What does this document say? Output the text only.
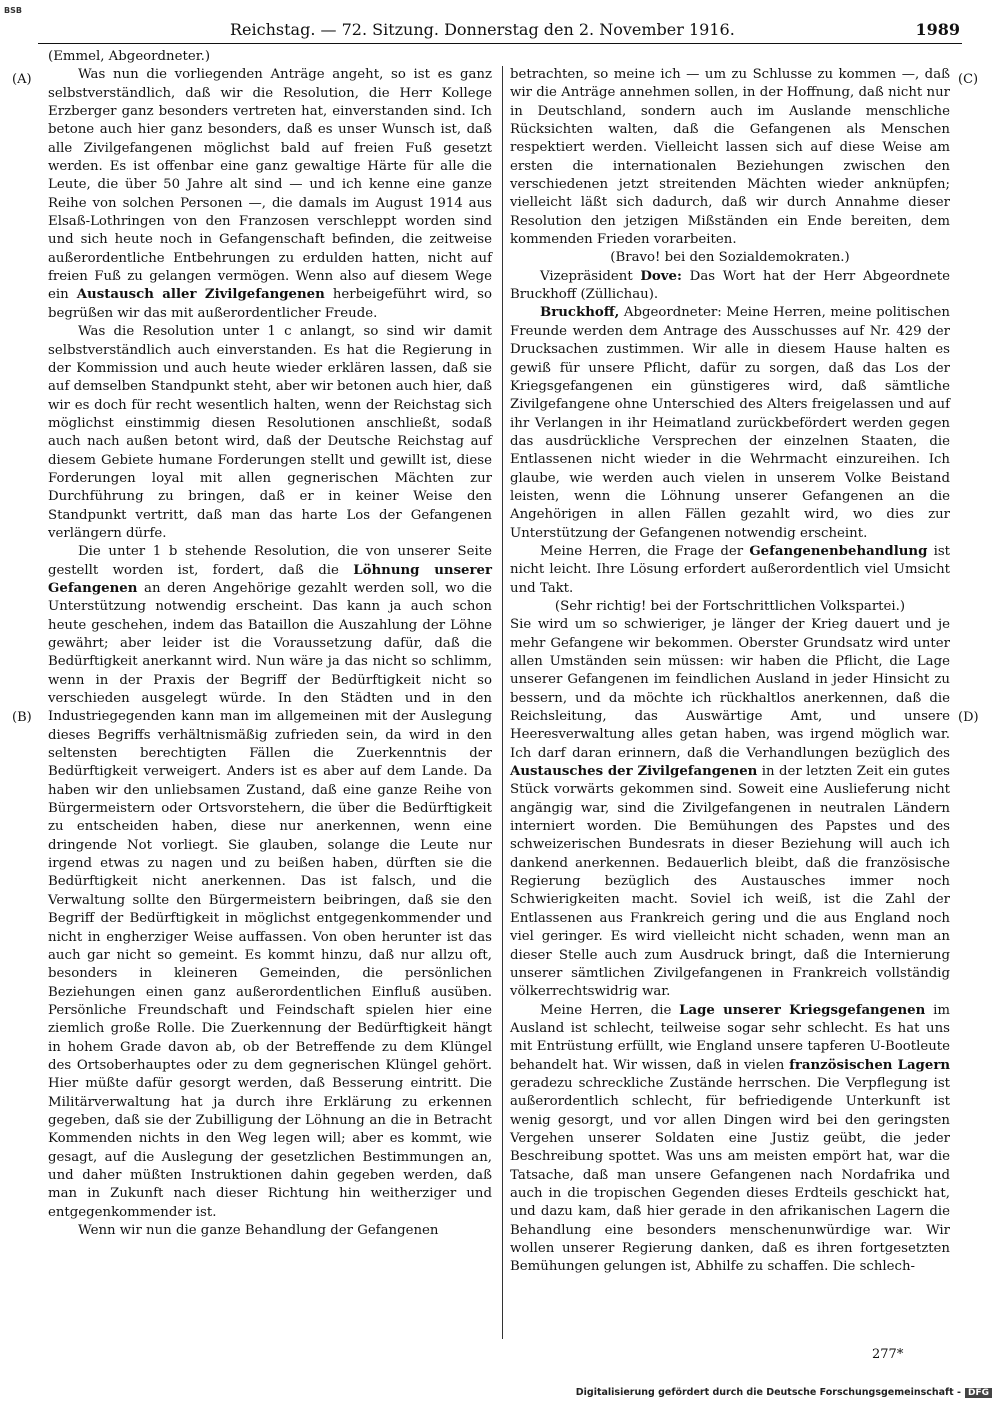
BSB
Reichstag. — 72. Sitzung. Donnerstag den 2. November 1916.	1989
(A)
(B)
(C)
(D)

(Emmel, Abgeordneter.)

Was nun die vorliegenden Anträge angeht, so ist es ganz selbstverständlich, daß wir die Resolution, die Herr Kollege Erzberger ganz besonders vertreten hat, einverstanden sind. Ich betone auch hier ganz besonders, daß es unser Wunsch ist, daß alle Zivilgefangenen möglichst bald auf freien Fuß gesetzt werden. Es ist offenbar eine ganz gewaltige Härte für alle die Leute, die über 50 Jahre alt sind — und ich kenne eine ganze Reihe von solchen Personen —, die damals im August 1914 aus Elsaß-Lothringen von den Franzosen verschleppt worden sind und sich heute noch in Gefangenschaft befinden, die zeitweise außerordentliche Entbehrungen zu erdulden hatten, nicht auf freien Fuß zu gelangen vermögen. Wenn also auf diesem Wege ein Austausch aller Zivilgefangenen herbeigeführt wird, so begrüßen wir das mit außerordentlicher Freude.

Was die Resolution unter 1 c anlangt, so sind wir damit selbstverständlich auch einverstanden. Es hat die Regierung in der Kommission und auch heute wieder erklären lassen, daß sie auf demselben Standpunkt steht, aber wir betonen auch hier, daß wir es doch für recht wesentlich halten, wenn der Reichstag sich möglichst einstimmig diesen Resolutionen anschließt, sodaß auch nach außen betont wird, daß der Deutsche Reichstag auf diesem Gebiete humane Forderungen stellt und gewillt ist, diese Forderungen loyal mit allen gegnerischen Mächten zur Durchführung zu bringen, daß er in keiner Weise den Standpunkt vertritt, daß man das harte Los der Gefangenen verlängern dürfe.

Die unter 1 b stehende Resolution, die von unserer Seite gestellt worden ist, fordert, daß die Löhnung unserer Gefangenen an deren Angehörige gezahlt werden soll, wo die Unterstützung notwendig erscheint. Das kann ja auch schon heute geschehen, indem das Bataillon die Auszahlung der Löhne gewährt; aber leider ist die Voraussetzung dafür, daß die Bedürftigkeit anerkannt wird. Nun wäre ja das nicht so schlimm, wenn in der Praxis der Begriff der Bedürftigkeit nicht so verschieden ausgelegt würde. In den Städten und in den Industriegegenden kann man im allgemeinen mit der Auslegung dieses Begriffs verhältnismäßig zufrieden sein, da wird in den seltensten berechtigten Fällen die Zuerkenntnis der Bedürftigkeit verweigert. Anders ist es aber auf dem Lande. Da haben wir den unliebsamen Zustand, daß eine ganze Reihe von Bürgermeistern oder Ortsvorstehern, die über die Bedürftigkeit zu entscheiden haben, diese nur anerkennen, wenn eine dringende Not vorliegt. Sie glauben, solange die Leute nur irgend etwas zu nagen und zu beißen haben, dürften sie die Bedürftigkeit nicht anerkennen. Das ist falsch, und die Verwaltung sollte den Bürgermeistern beibringen, daß sie den Begriff der Bedürftigkeit in möglichst entgegenkommender und nicht in engherziger Weise auffassen. Von oben herunter ist das auch gar nicht so gemeint. Es kommt hinzu, daß nur allzu oft, besonders in kleineren Gemeinden, die persönlichen Beziehungen einen ganz außerordentlichen Einfluß ausüben. Persönliche Freundschaft und Feindschaft spielen hier eine ziemlich große Rolle. Die Zuerkennung der Bedürftigkeit hängt in hohem Grade davon ab, ob der Betreffende zu dem Klüngel des Ortsoberhauptes oder zu dem gegnerischen Klüngel gehört. Hier müßte dafür gesorgt werden, daß Besserung eintritt. Die Militärverwaltung hat ja durch ihre Erklärung zu erkennen gegeben, daß sie der Zubilligung der Löhnung an die in Betracht Kommenden nichts in den Weg legen will; aber es kommt, wie gesagt, auf die Auslegung der gesetzlichen Bestimmungen an, und daher müßten Instruktionen dahin gegeben werden, daß man in Zukunft nach dieser Richtung hin weitherziger und entgegenkommender ist.

Wenn wir nun die ganze Behandlung der Gefangenen

betrachten, so meine ich — um zu Schlusse zu kommen —, daß wir die Anträge annehmen sollen, in der Hoffnung, daß nicht nur in Deutschland, sondern auch im Auslande menschliche Rücksichten walten, daß die Gefangenen als Menschen respektiert werden. Vielleicht lassen sich auf diese Weise am ersten die internationalen Beziehungen zwischen den verschiedenen jetzt streitenden Mächten wieder anknüpfen; vielleicht läßt sich dadurch, daß wir durch Annahme dieser Resolution den jetzigen Mißständen ein Ende bereiten, dem kommenden Frieden vorarbeiten.

(Bravo! bei den Sozialdemokraten.)

Vizepräsident Dove: Das Wort hat der Herr Abgeordnete Bruckhoff (Züllichau).

Bruckhoff, Abgeordneter: Meine Herren, meine politischen Freunde werden dem Antrage des Ausschusses auf Nr. 429 der Drucksachen zustimmen. Wir alle in diesem Hause halten es gewiß für unsere Pflicht, dafür zu sorgen, daß das Los der Kriegsgefangenen ein günstigeres wird, daß sämtliche Zivilgefangene ohne Unterschied des Alters freigelassen und auf ihr Verlangen in ihr Heimatland zurückbefördert werden gegen das ausdrückliche Versprechen der einzelnen Staaten, die Entlassenen nicht wieder in die Wehrmacht einzureihen. Ich glaube, wie werden auch vielen in unserem Volke Beistand leisten, wenn die Löhnung unserer Gefangenen an die Angehörigen in allen Fällen gezahlt wird, wo dies zur Unterstützung der Gefangenen notwendig erscheint.

Meine Herren, die Frage der Gefangenenbehandlung ist nicht leicht. Ihre Lösung erfordert außerordentlich viel Umsicht und Takt.

(Sehr richtig! bei der Fortschrittlichen Volkspartei.)

Sie wird um so schwieriger, je länger der Krieg dauert und je mehr Gefangene wir bekommen. Oberster Grundsatz wird unter allen Umständen sein müssen: wir haben die Pflicht, die Lage unserer Gefangenen im feindlichen Ausland in jeder Hinsicht zu bessern, und da möchte ich rückhaltlos anerkennen, daß die Reichsleitung, das Auswärtige Amt, und unsere Heeresverwaltung alles getan haben, was irgend möglich war. Ich darf daran erinnern, daß die Verhandlungen bezüglich des Austausches der Zivilgefangenen in der letzten Zeit ein gutes Stück vorwärts gekommen sind. Soweit eine Auslieferung nicht angängig war, sind die Zivilgefangenen in neutralen Ländern interniert worden. Die Bemühungen des Papstes und des schweizerischen Bundesrats in dieser Beziehung will auch ich dankend anerkennen. Bedauerlich bleibt, daß die französische Regierung bezüglich des Austausches immer noch Schwierigkeiten macht. Soviel ich weiß, ist die Zahl der Entlassenen aus Frankreich gering und die aus England noch viel geringer. Es wird vielleicht nicht schaden, wenn man an dieser Stelle auch zum Ausdruck bringt, daß die Internierung unserer sämtlichen Zivilgefangenen in Frankreich vollständig völkerrechtswidrig war.

Meine Herren, die Lage unserer Kriegsgefangenen im Ausland ist schlecht, teilweise sogar sehr schlecht. Es hat uns mit Entrüstung erfüllt, wie England unsere tapferen U-Bootleute behandelt hat. Wir wissen, daß in vielen französischen Lagern geradezu schreckliche Zustände herrschen. Die Verpflegung ist außerordentlich schlecht, für befriedigende Unterkunft ist wenig gesorgt, und vor allen Dingen wird bei den geringsten Vergehen unserer Soldaten eine Justiz geübt, die jeder Beschreibung spottet. Was uns am meisten empört hat, war die Tatsache, daß man unsere Gefangenen nach Nordafrika und auch in die tropischen Gegenden dieses Erdteils geschickt hat, und dazu kam, daß hier gerade in den afrikanischen Lagern die Behandlung eine besonders menschenunwürdige war. Wir wollen unserer Regierung danken, daß es ihren fortgesetzten Bemühungen gelungen ist, Abhilfe zu schaffen. Die schlech-

277*
Digitalisierung gefördert durch die Deutsche Forschungsgemeinschaft - DFG
